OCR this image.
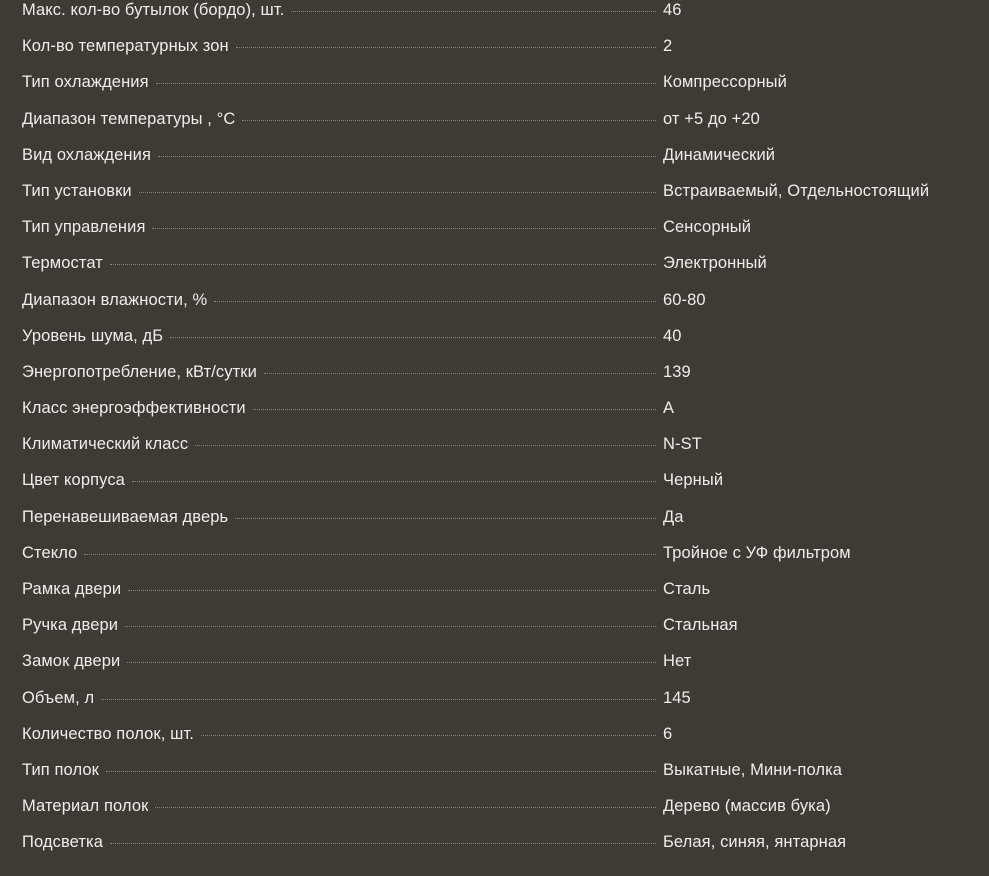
Макс. кол-во бутылок (бордо), шт.	46
Кол-во температурных зон	2
Тип охлаждения	Компрессорный
Диапазон температуры , °C	от +5 до +20
Вид охлаждения	Динамический
Тип установки	Встраиваемый, Отдельностоящий
Тип управления	Сенсорный
Термостат	Электронный
Диапазон влажности, %	60-80
Уровень шума, дБ	40
Энергопотребление, кВт/сутки	139
Класс энергоэффективности	A
Климатический класс	N-ST
Цвет корпуса	Черный
Перенавешиваемая дверь	Да
Стекло	Тройное с УФ фильтром
Рамка двери	Сталь
Ручка двери	Стальная
Замок двери	Нет
Объем, л	145
Количество полок, шт.	6
Тип полок	Выкатные, Мини-полка
Материал полок	Дерево (массив бука)
Подсветка	Белая, синяя, янтарная
